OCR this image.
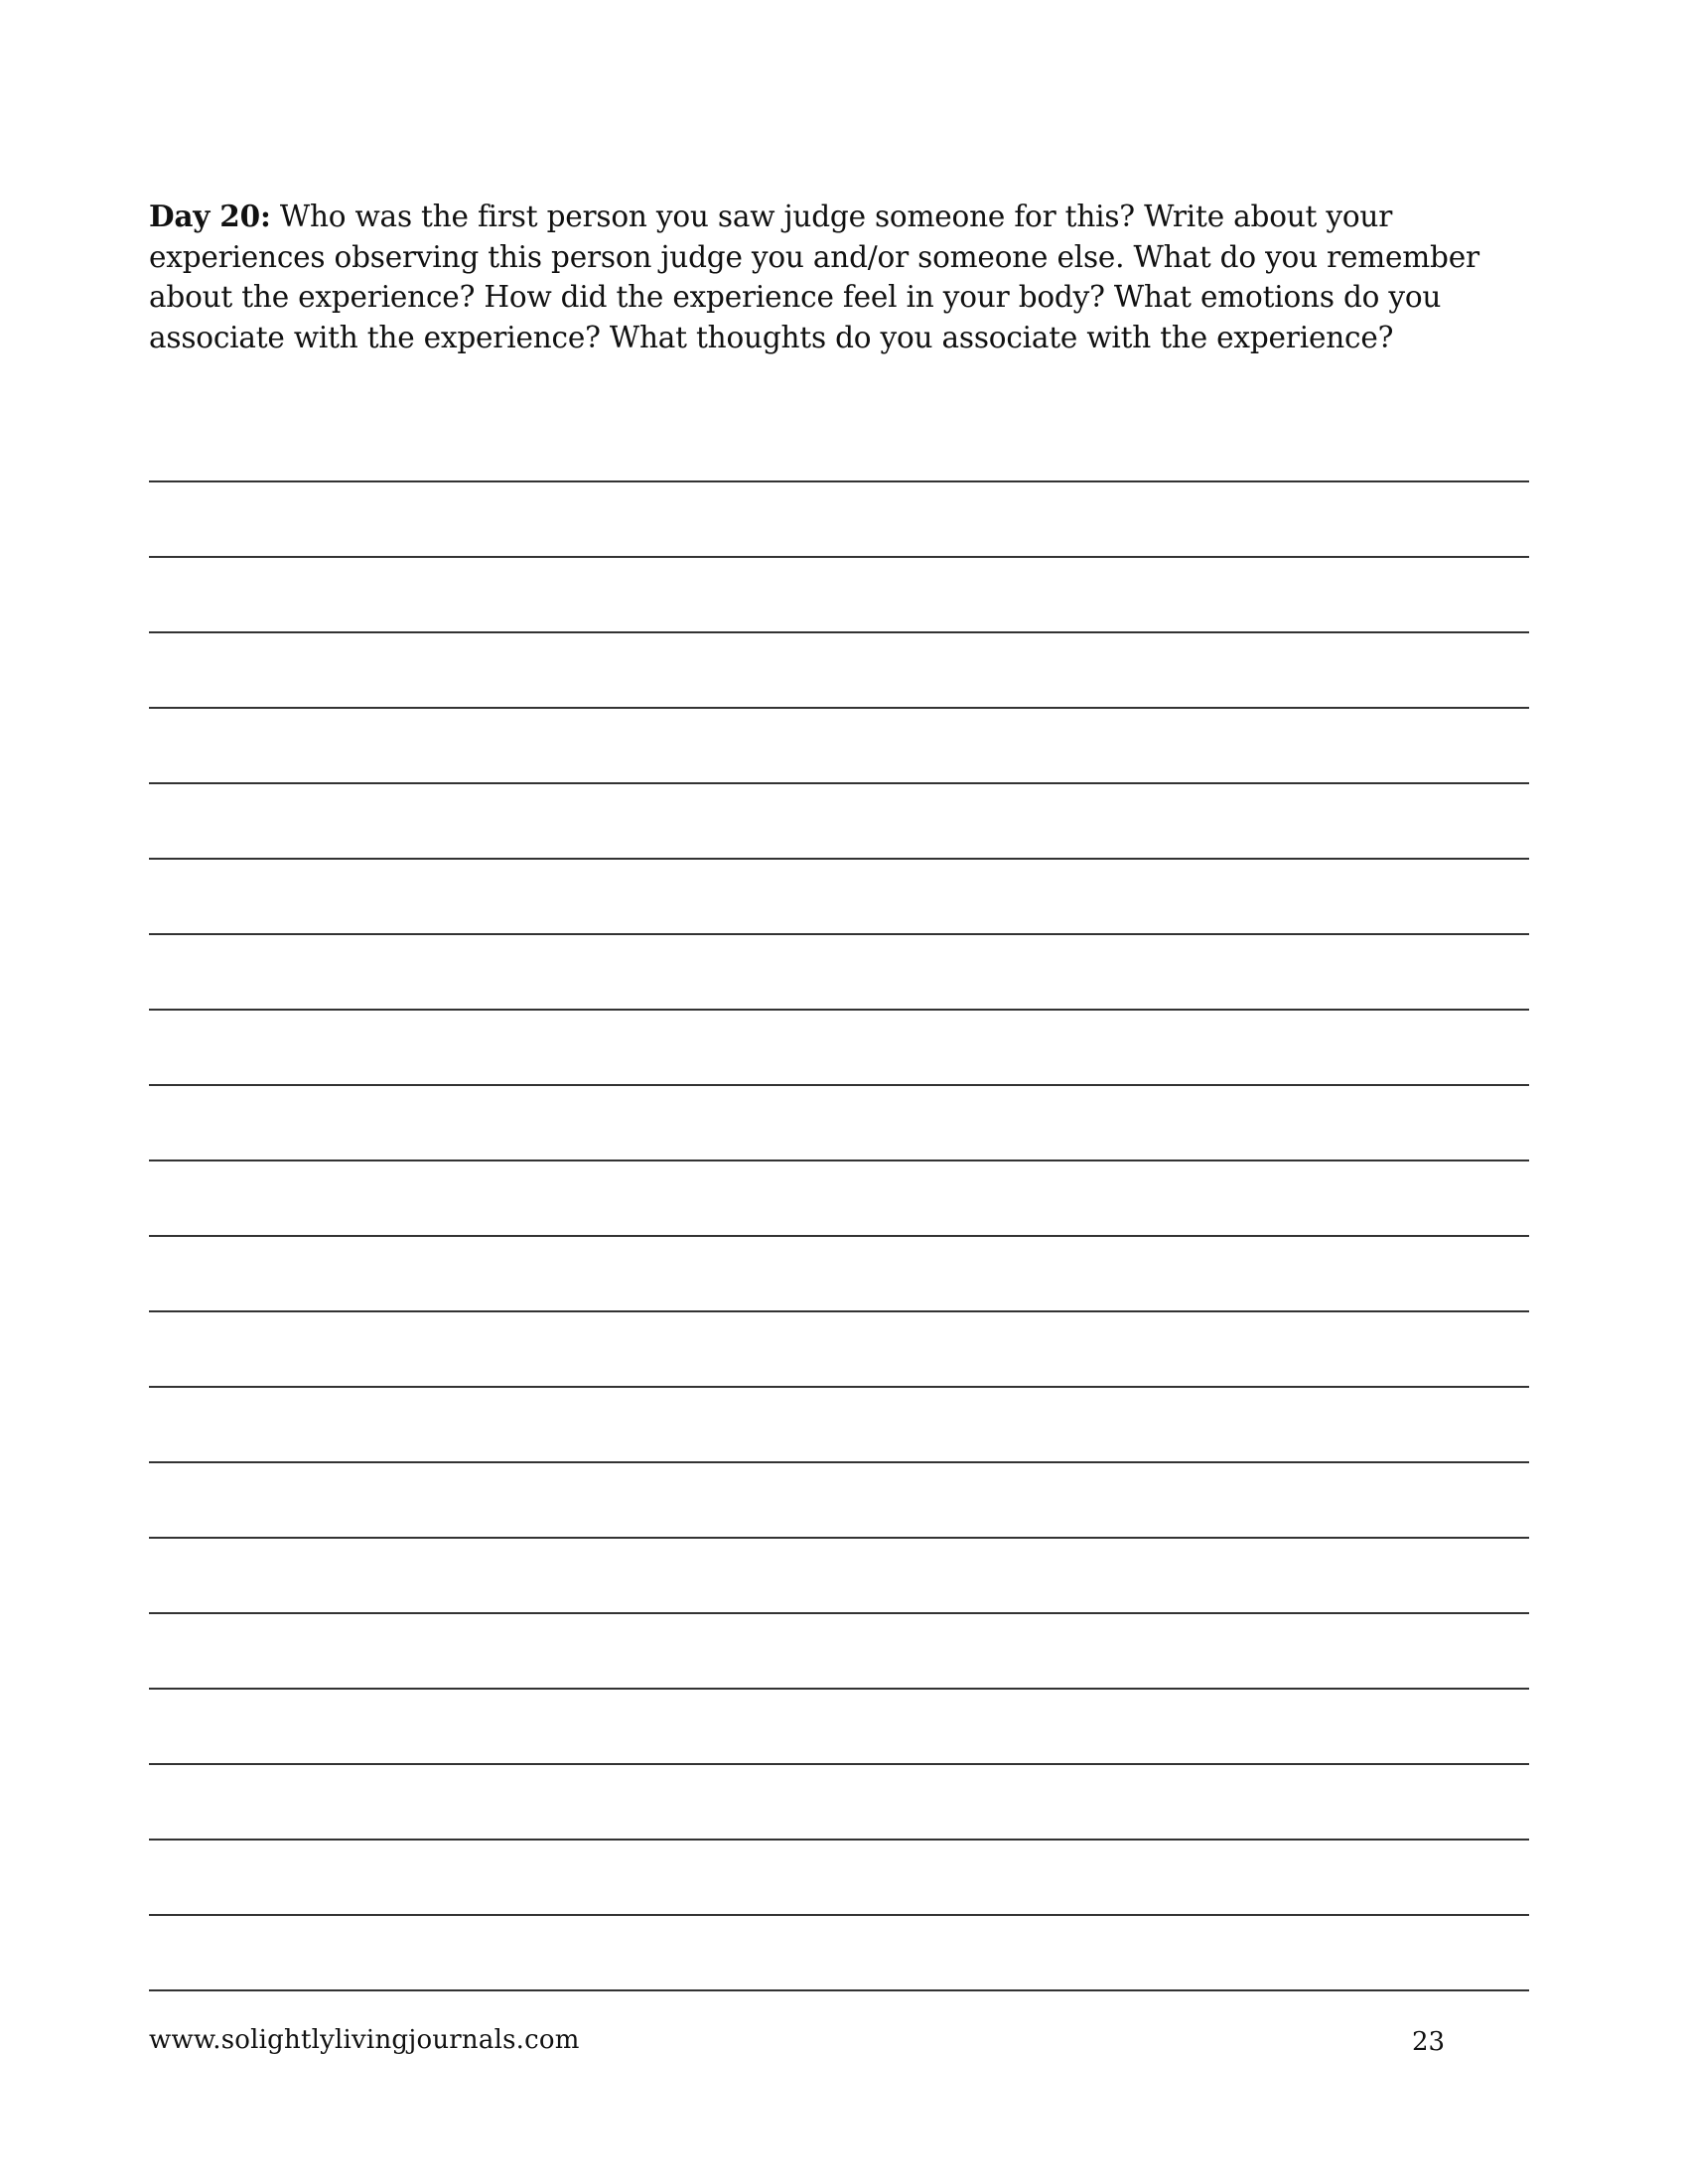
Day 20: Who was the first person you saw judge someone for this? Write about your experiences observing this person judge you and/or someone else. What do you remember about the experience? How did the experience feel in your body? What emotions do you associate with the experience? What thoughts do you associate with the experience?
www.solightlylivingjournals.com	23
